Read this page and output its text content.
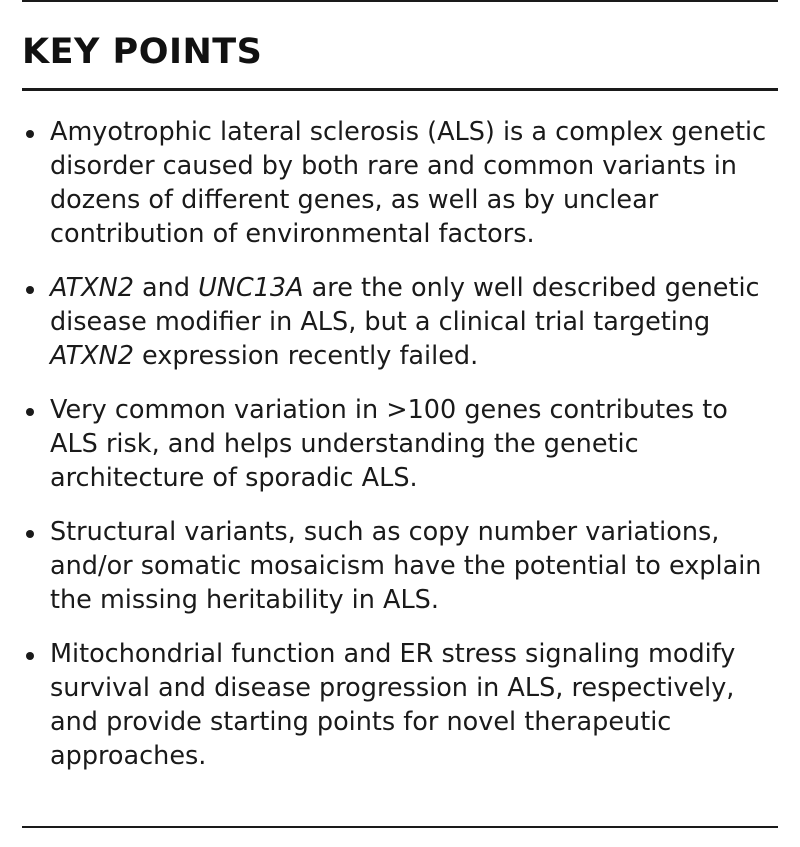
KEY POINTS
Amyotrophic lateral sclerosis (ALS) is a complex genetic disorder caused by both rare and common variants in dozens of different genes, as well as by unclear contribution of environmental factors.
ATXN2 and UNC13A are the only well described genetic disease modifier in ALS, but a clinical trial targeting ATXN2 expression recently failed.
Very common variation in >100 genes contributes to ALS risk, and helps understanding the genetic architecture of sporadic ALS.
Structural variants, such as copy number variations, and/or somatic mosaicism have the potential to explain the missing heritability in ALS.
Mitochondrial function and ER stress signaling modify survival and disease progression in ALS, respectively, and provide starting points for novel therapeutic approaches.
